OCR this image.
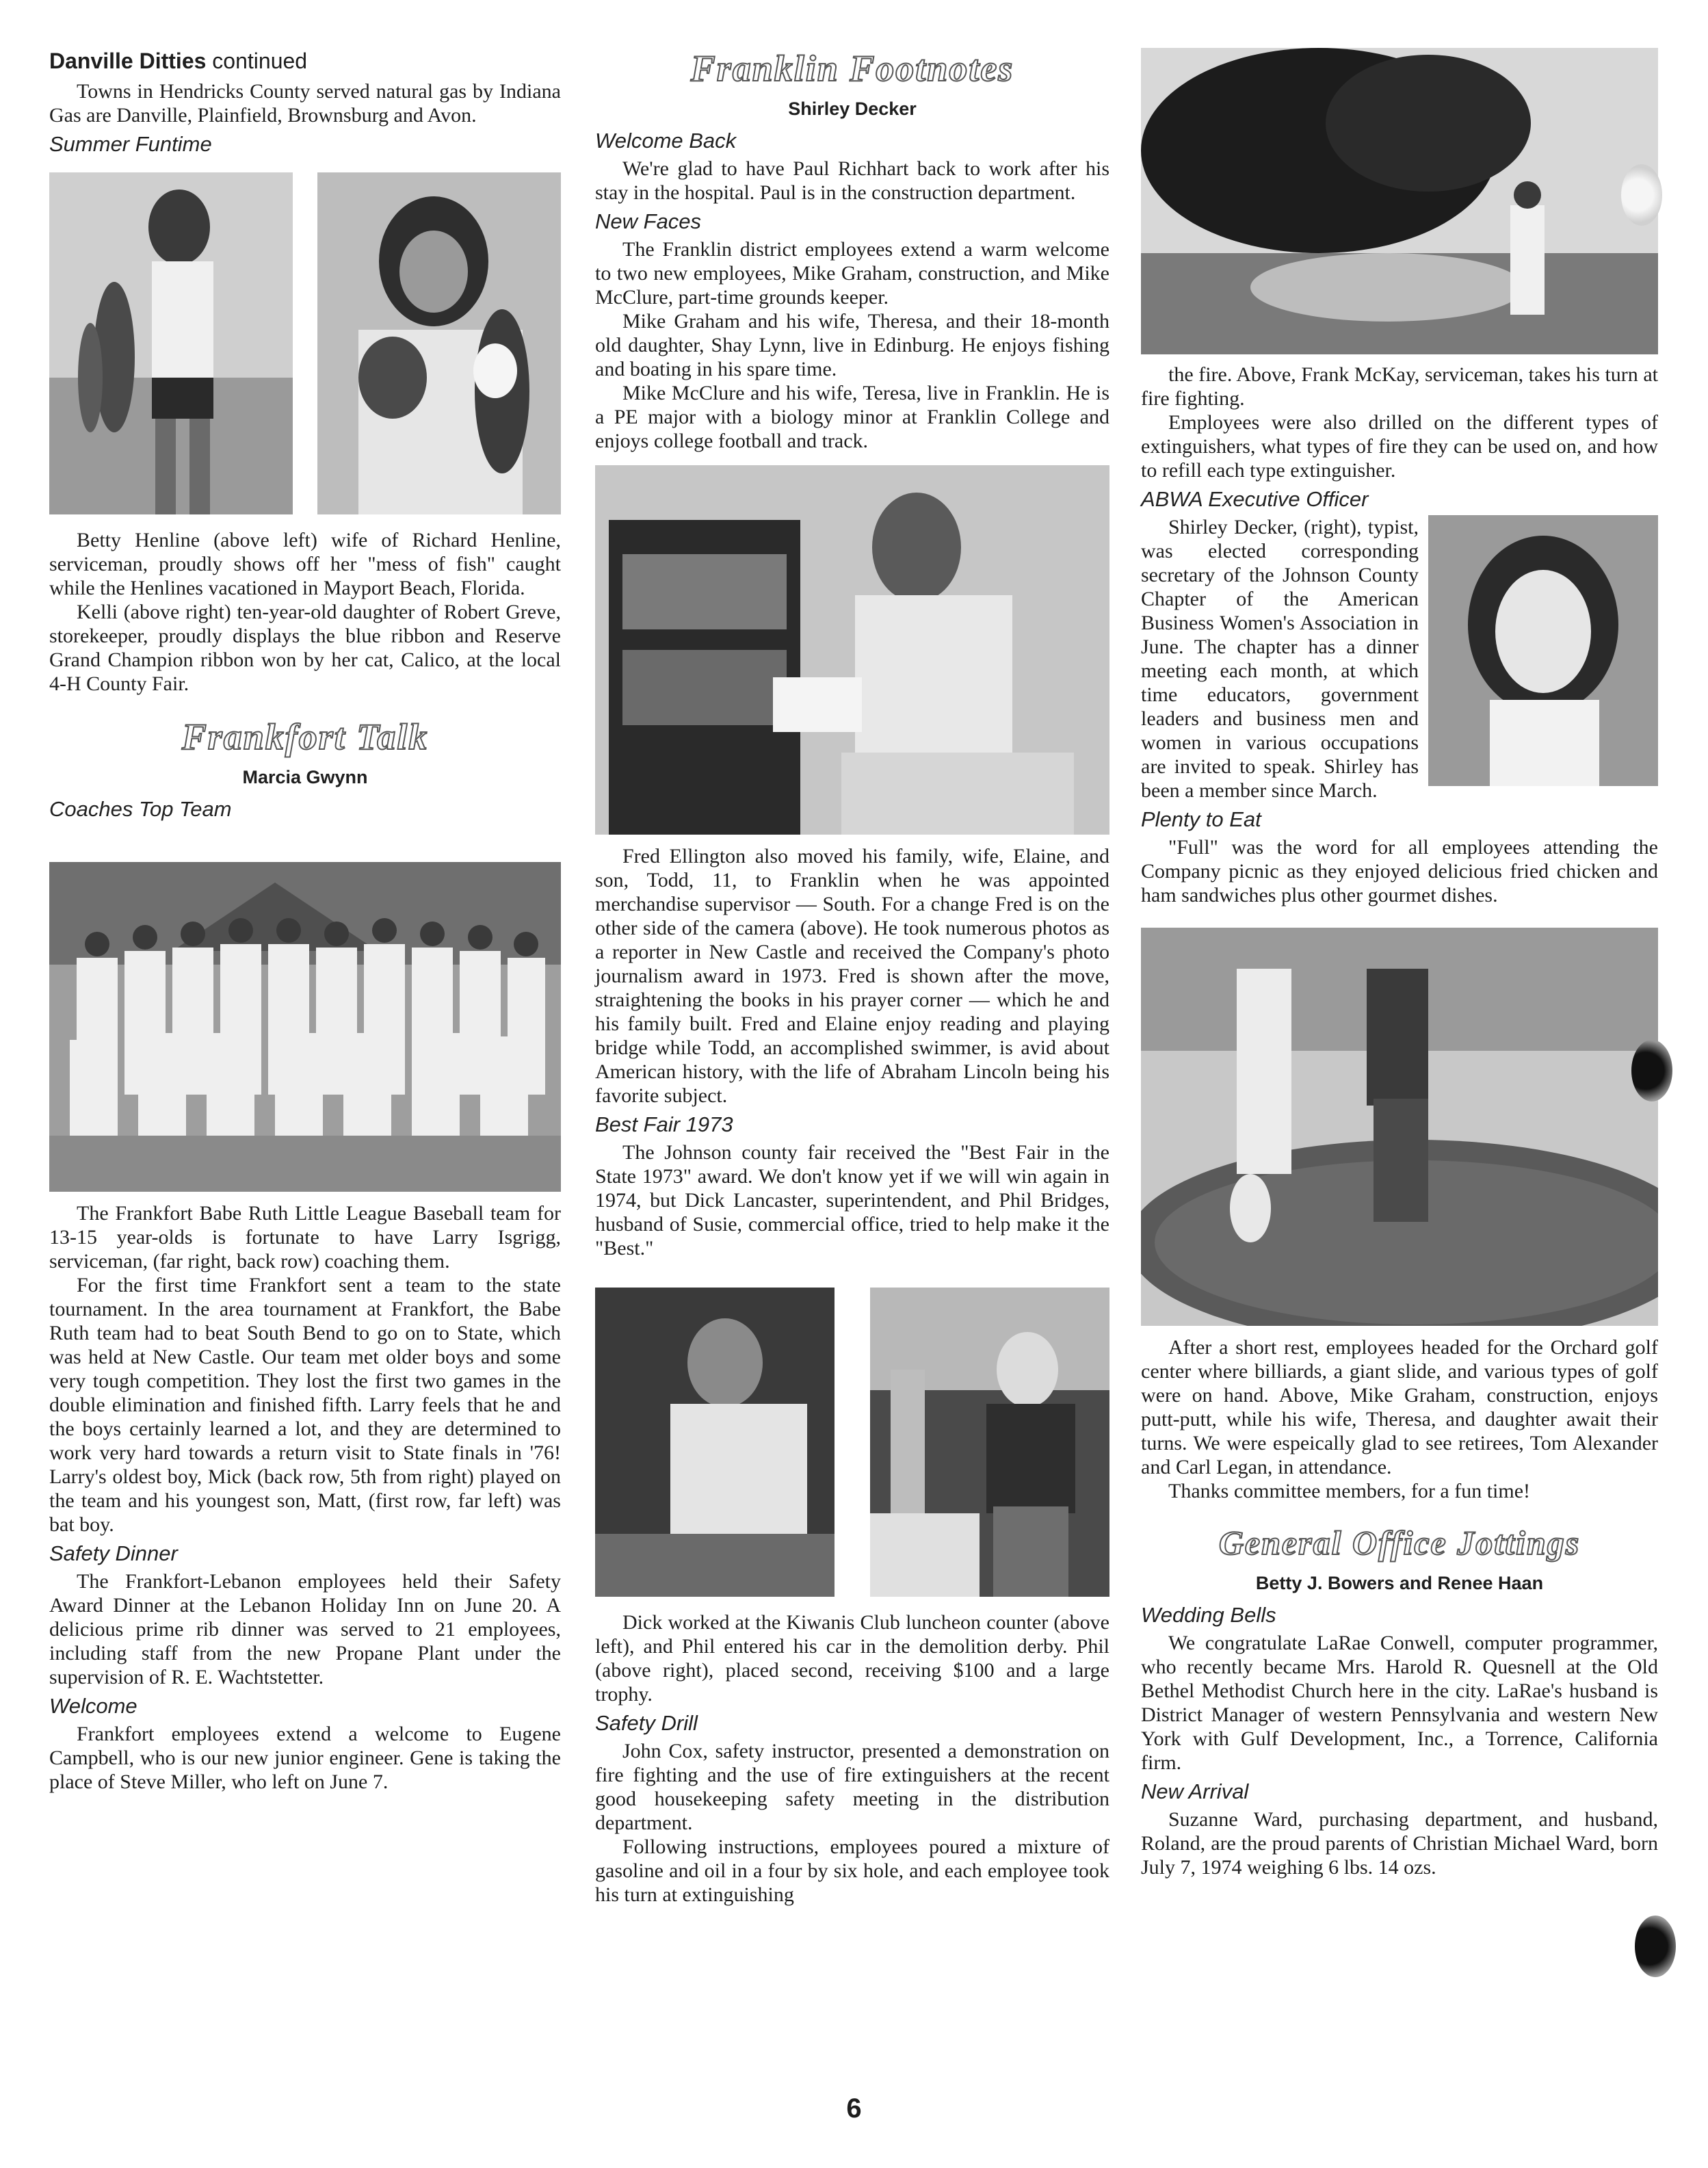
Danville Ditties continued

Towns in Hendricks County served natural gas by Indiana Gas are Danville, Plainfield, Brownsburg and Avon.

Summer Funtime

Betty Henline (above left) wife of Richard Henline, serviceman, proudly shows off her "mess of fish" caught while the Henlines vacationed in Mayport Beach, Florida.

Kelli (above right) ten-year-old daughter of Robert Greve, storekeeper, proudly displays the blue ribbon and Reserve Grand Champion ribbon won by her cat, Calico, at the local 4-H County Fair.

Frankfort Talk
Marcia Gwynn
Coaches Top Team

The Frankfort Babe Ruth Little League Baseball team for 13-15 year-olds is fortunate to have Larry Isgrigg, serviceman, (far right, back row) coaching them.

For the first time Frankfort sent a team to the state tournament. In the area tournament at Frankfort, the Babe Ruth team had to beat South Bend to go on to State, which was held at New Castle. Our team met older boys and some very tough competition. They lost the first two games in the double elimination and finished fifth. Larry feels that he and the boys certainly learned a lot, and they are determined to work very hard towards a return visit to State finals in '76! Larry's oldest boy, Mick (back row, 5th from right) played on the team and his youngest son, Matt, (first row, far left) was bat boy.

Safety Dinner

The Frankfort-Lebanon employees held their Safety Award Dinner at the Lebanon Holiday Inn on June 20. A delicious prime rib dinner was served to 21 employees, including staff from the new Propane Plant under the supervision of R. E. Wachtstetter.

Welcome

Frankfort employees extend a welcome to Eugene Campbell, who is our new junior engineer. Gene is taking the place of Steve Miller, who left on June 7.

Franklin Footnotes
Shirley Decker
Welcome Back

We're glad to have Paul Richhart back to work after his stay in the hospital. Paul is in the construction department.

New Faces

The Franklin district employees extend a warm welcome to two new employees, Mike Graham, construction, and Mike McClure, part-time grounds keeper.

Mike Graham and his wife, Theresa, and their 18-month old daughter, Shay Lynn, live in Edinburg. He enjoys fishing and boating in his spare time.

Mike McClure and his wife, Teresa, live in Franklin. He is a PE major with a biology minor at Franklin College and enjoys college football and track.

Fred Ellington also moved his family, wife, Elaine, and son, Todd, 11, to Franklin when he was appointed merchandise supervisor — South. For a change Fred is on the other side of the camera (above). He took numerous photos as a reporter in New Castle and received the Company's photo journalism award in 1973. Fred is shown after the move, straightening the books in his prayer corner — which he and his family built. Fred and Elaine enjoy reading and playing bridge while Todd, an accomplished swimmer, is avid about American history, with the life of Abraham Lincoln being his favorite subject.

Best Fair 1973

The Johnson county fair received the "Best Fair in the State 1973" award. We don't know yet if we will win again in 1974, but Dick Lancaster, superintendent, and Phil Bridges, husband of Susie, commercial office, tried to help make it the "Best."

Dick worked at the Kiwanis Club luncheon counter (above left), and Phil entered his car in the demolition derby. Phil (above right), placed second, receiving $100 and a large trophy.

Safety Drill

John Cox, safety instructor, presented a demonstration on fire fighting and the use of fire extinguishers at the recent good housekeeping safety meeting in the distribution department.

Following instructions, employees poured a mixture of gasoline and oil in a four by six hole, and each employee took his turn at extinguishing

the fire. Above, Frank McKay, serviceman, takes his turn at fire fighting.

Employees were also drilled on the different types of extinguishers, what types of fire they can be used on, and how to refill each type extinguisher.

ABWA Executive Officer

Shirley Decker, (right), typist, was elected corresponding secretary of the Johnson County Chapter of the American Business Women's Association in June. The chapter has a dinner meeting each month, at which time educators, government leaders and business men and women in various occupations are invited to speak. Shirley has been a member since March.

Plenty to Eat

"Full" was the word for all employees attending the Company picnic as they enjoyed delicious fried chicken and ham sandwiches plus other gourmet dishes.

After a short rest, employees headed for the Orchard golf center where billiards, a giant slide, and various types of golf were on hand. Above, Mike Graham, construction, enjoys putt-putt, while his wife, Theresa, and daughter await their turns. We were espeically glad to see retirees, Tom Alexander and Carl Legan, in attendance.

Thanks committee members, for a fun time!

General Office Jottings
Betty J. Bowers and Renee Haan
Wedding Bells

We congratulate LaRae Conwell, computer programmer, who recently became Mrs. Harold R. Quesnell at the Old Bethel Methodist Church here in the city. LaRae's husband is District Manager of western Pennsylvania and western New York with Gulf Development, Inc., a Torrence, California firm.

New Arrival

Suzanne Ward, purchasing department, and husband, Roland, are the proud parents of Christian Michael Ward, born July 7, 1974 weighing 6 lbs. 14 ozs.

6
